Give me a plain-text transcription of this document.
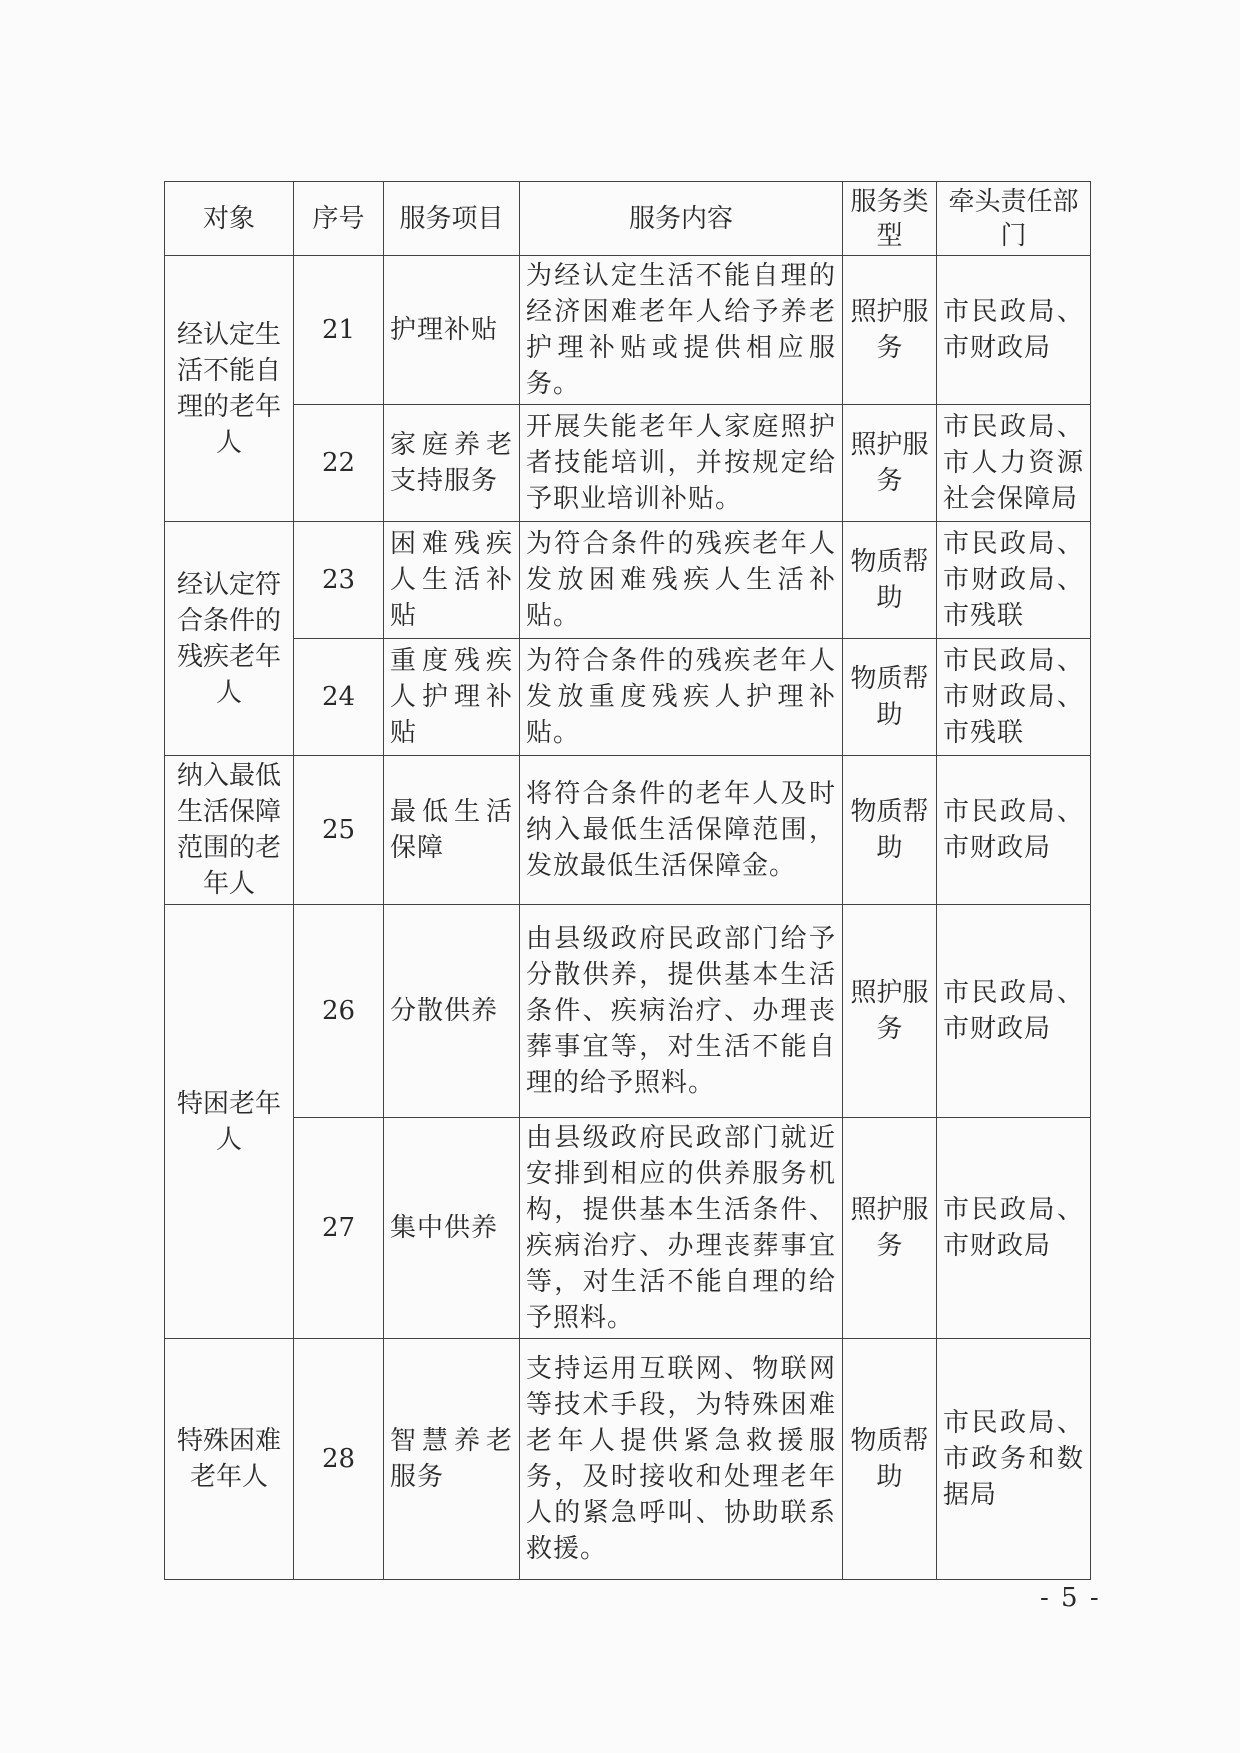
对象	序号	服务项目	服务内容	服务类型	牵头责任部门
经认定生活不能自理的老年人	21	护理补贴	为经认定生活不能自理的经济困难老年人给予养老护理补贴或提供相应服务。	照护服务	市民政局、市财政局
	22	家庭养老支持服务	开展失能老年人家庭照护者技能培训，并按规定给予职业培训补贴。	照护服务	市民政局、市人力资源社会保障局
经认定符合条件的残疾老年人	23	困难残疾人生活补贴	为符合条件的残疾老年人发放困难残疾人生活补贴。	物质帮助	市民政局、市财政局、市残联
	24	重度残疾人护理补贴	为符合条件的残疾老年人发放重度残疾人护理补贴。	物质帮助	市民政局、市财政局、市残联
纳入最低生活保障范围的老年人	25	最低生活保障	将符合条件的老年人及时纳入最低生活保障范围，发放最低生活保障金。	物质帮助	市民政局、市财政局
特困老年人	26	分散供养	由县级政府民政部门给予分散供养，提供基本生活条件、疾病治疗、办理丧葬事宜等，对生活不能自理的给予照料。	照护服务	市民政局、市财政局
	27	集中供养	由县级政府民政部门就近安排到相应的供养服务机构，提供基本生活条件、疾病治疗、办理丧葬事宜等，对生活不能自理的给予照料。	照护服务	市民政局、市财政局
特殊困难老年人	28	智慧养老服务	支持运用互联网、物联网等技术手段，为特殊困难老年人提供紧急救援服务，及时接收和处理老年人的紧急呼叫、协助联系救援。	物质帮助	市民政局、市政务和数据局
- 5 -
